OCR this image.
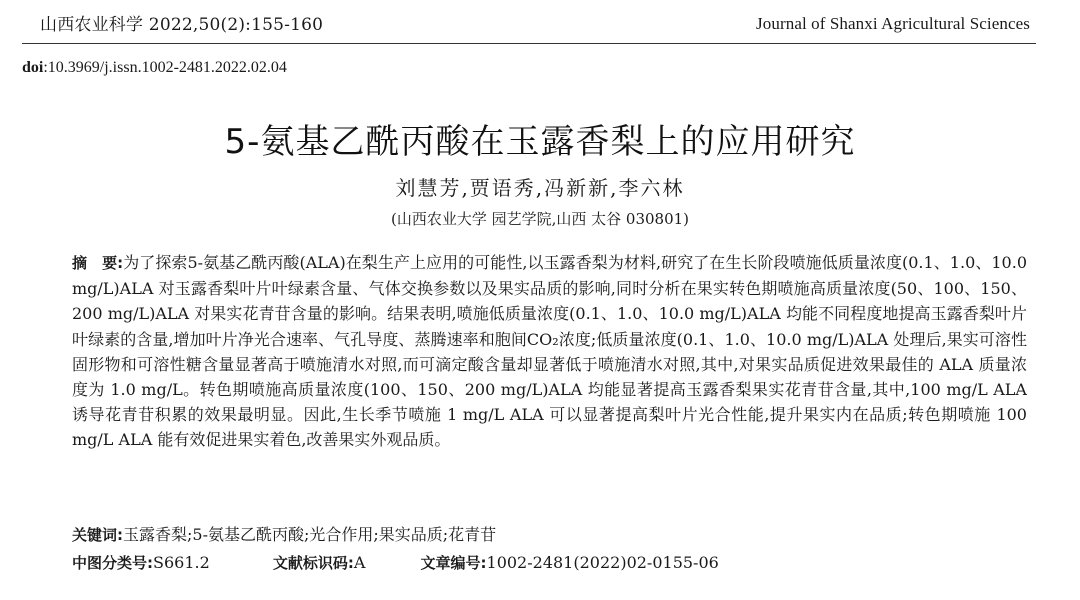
山西农业科学 2022,50(2):155-160	Journal of Shanxi Agricultural Sciences
doi:10.3969/j.issn.1002-2481.2022.02.04
5-氨基乙酰丙酸在玉露香梨上的应用研究
刘慧芳,贾语秀,冯新新,李六林
(山西农业大学 园艺学院,山西 太谷 030801)
摘　要:为了探索5-氨基乙酰丙酸(ALA)在梨生产上应用的可能性,以玉露香梨为材料,研究了在生长阶段喷施低质量浓度(0.1、1.0、10.0 mg/L)ALA 对玉露香梨叶片叶绿素含量、气体交换参数以及果实品质的影响,同时分析在果实转色期喷施高质量浓度(50、100、150、200 mg/L)ALA 对果实花青苷含量的影响。结果表明,喷施低质量浓度(0.1、1.0、10.0 mg/L)ALA 均能不同程度地提高玉露香梨叶片叶绿素的含量,增加叶片净光合速率、气孔导度、蒸腾速率和胞间CO₂浓度;低质量浓度(0.1、1.0、10.0 mg/L)ALA 处理后,果实可溶性固形物和可溶性糖含量显著高于喷施清水对照,而可滴定酸含量却显著低于喷施清水对照,其中,对果实品质促进效果最佳的 ALA 质量浓度为 1.0 mg/L。转色期喷施高质量浓度(100、150、200 mg/L)ALA 均能显著提高玉露香梨果实花青苷含量,其中,100 mg/L ALA 诱导花青苷积累的效果最明显。因此,生长季节喷施 1 mg/L ALA 可以显著提高梨叶片光合性能,提升果实内在品质;转色期喷施 100 mg/L ALA 能有效促进果实着色,改善果实外观品质。
关键词:玉露香梨;5-氨基乙酰丙酸;光合作用;果实品质;花青苷
中图分类号:S661.2	文献标识码:A	文章编号:1002-2481(2022)02-0155-06
